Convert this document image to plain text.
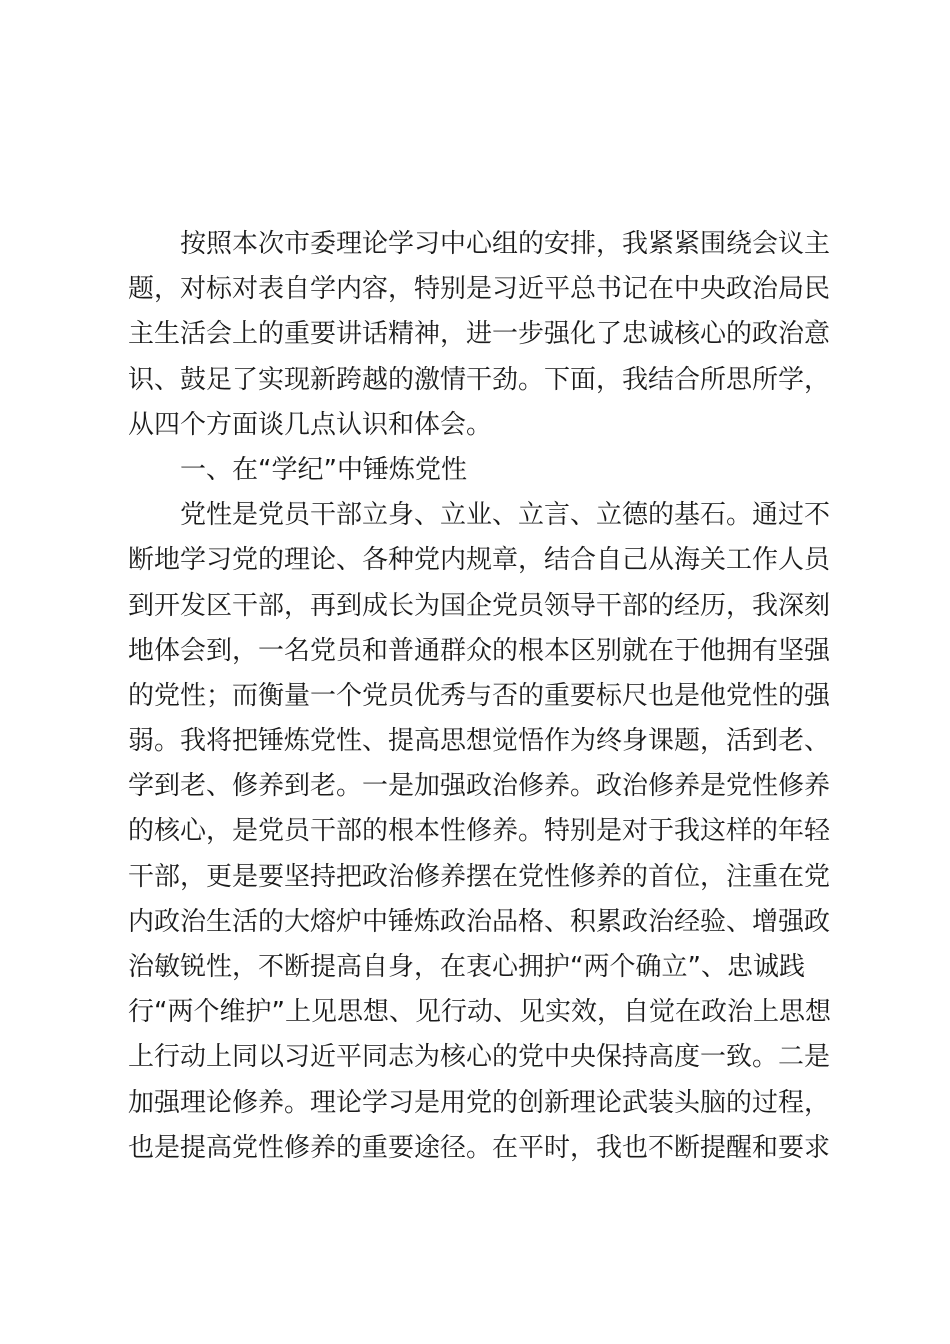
按照本次市委理论学习中心组的安排，我紧紧围绕会议主
题，对标对表自学内容，特别是习近平总书记在中央政治局民
主生活会上的重要讲话精神，进一步强化了忠诚核心的政治意
识、鼓足了实现新跨越的激情干劲。下面，我结合所思所学，
从四个方面谈几点认识和体会。
一、在“学纪”中锤炼党性
党性是党员干部立身、立业、立言、立德的基石。通过不
断地学习党的理论、各种党内规章，结合自己从海关工作人员
到开发区干部，再到成长为国企党员领导干部的经历，我深刻
地体会到，一名党员和普通群众的根本区别就在于他拥有坚强
的党性；而衡量一个党员优秀与否的重要标尺也是他党性的强
弱。我将把锤炼党性、提高思想觉悟作为终身课题，活到老、
学到老、修养到老。一是加强政治修养。政治修养是党性修养
的核心，是党员干部的根本性修养。特别是对于我这样的年轻
干部，更是要坚持把政治修养摆在党性修养的首位，注重在党
内政治生活的大熔炉中锤炼政治品格、积累政治经验、增强政
治敏锐性，不断提高自身，在衷心拥护“两个确立”、忠诚践
行“两个维护”上见思想、见行动、见实效，自觉在政治上思想
上行动上同以习近平同志为核心的党中央保持高度一致。二是
加强理论修养。理论学习是用党的创新理论武装头脑的过程，
也是提高党性修养的重要途径。在平时，我也不断提醒和要求
